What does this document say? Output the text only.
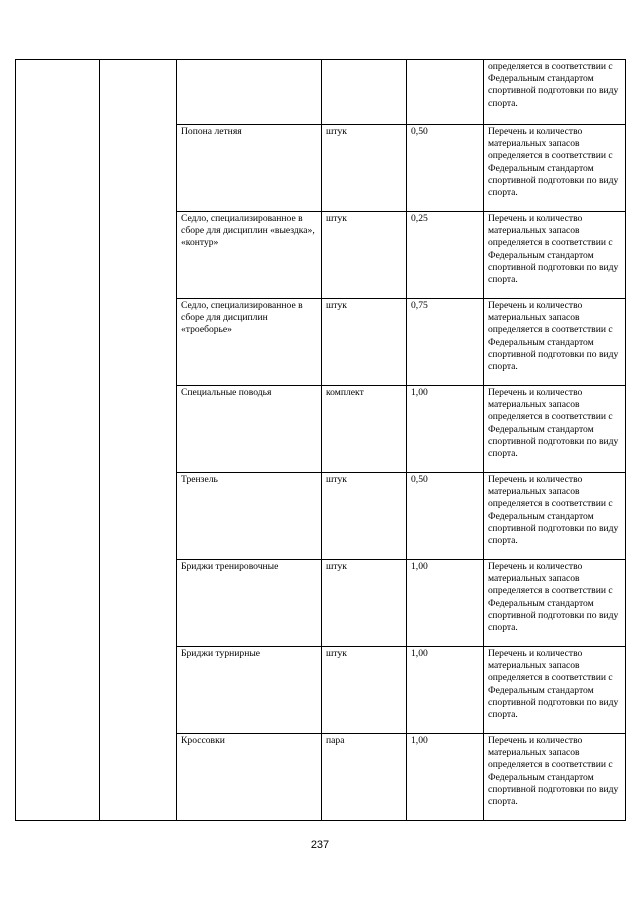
					определяется в соответствии с Федеральным стандартом спортивной подготовки по виду спорта.
		Попона летняя	штук	0,50	Перечень и количество материальных запасов определяется в соответствии с Федеральным стандартом спортивной подготовки по виду спорта.
		Седло, специализированное в сборе для дисциплин «выездка», «контур»	штук	0,25	Перечень и количество материальных запасов определяется в соответствии с Федеральным стандартом спортивной подготовки по виду спорта.
		Седло, специализированное в сборе для дисциплин «троеборье»	штук	0,75	Перечень и количество материальных запасов определяется в соответствии с Федеральным стандартом спортивной подготовки по виду спорта.
		Специальные поводья	комплект	1,00	Перечень и количество материальных запасов определяется в соответствии с Федеральным стандартом спортивной подготовки по виду спорта.
		Трензель	штук	0,50	Перечень и количество материальных запасов определяется в соответствии с Федеральным стандартом спортивной подготовки по виду спорта.
		Бриджи тренировочные	штук	1,00	Перечень и количество материальных запасов определяется в соответствии с Федеральным стандартом спортивной подготовки по виду спорта.
		Бриджи турнирные	штук	1,00	Перечень и количество материальных запасов определяется в соответствии с Федеральным стандартом спортивной подготовки по виду спорта.
		Кроссовки	пара	1,00	Перечень и количество материальных запасов определяется в соответствии с Федеральным стандартом спортивной подготовки по виду спорта.
237
